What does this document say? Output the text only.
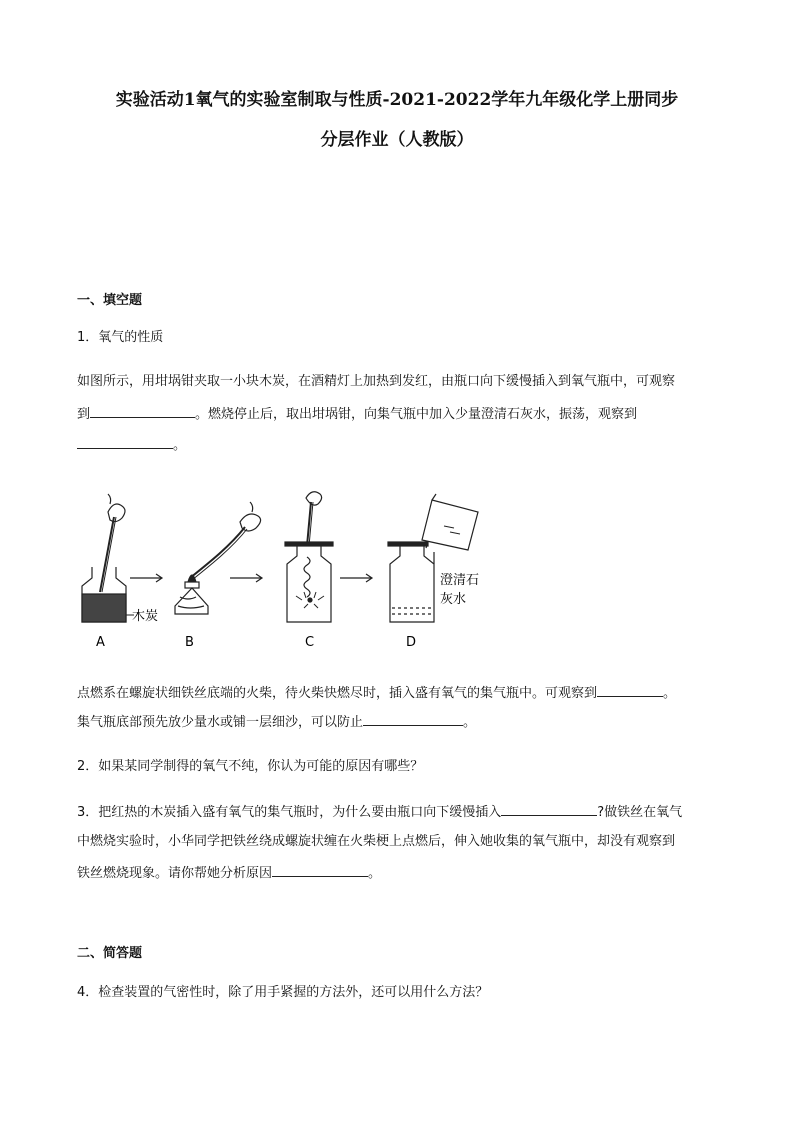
实验活动1氧气的实验室制取与性质-2021-2022学年九年级化学上册同步
分层作业（人教版）
一、填空题
1．氧气的性质
如图所示，用坩埚钳夹取一小块木炭，在酒精灯上加热到发红，由瓶口向下缓慢插入到氧气瓶中，可观察
到	。燃烧停止后，取出坩埚钳，向集气瓶中加入少量澄清石灰水，振荡，观察到
。
A	B	C	D
木炭
澄清石
灰水
点燃系在螺旋状细铁丝底端的火柴，待火柴快燃尽时，插入盛有氧气的集气瓶中。可观察到	。
集气瓶底部预先放少量水或铺一层细沙，可以防止	。
2．如果某同学制得的氧气不纯，你认为可能的原因有哪些？
3．把红热的木炭插入盛有氧气的集气瓶时，为什么要由瓶口向下缓慢插入	?做铁丝在氧气
中燃烧实验时，小华同学把铁丝绕成螺旋状缠在火柴梗上点燃后，伸入她收集的氧气瓶中，却没有观察到
铁丝燃烧现象。请你帮她分析原因	。
二、简答题
4．检查装置的气密性时，除了用手紧握的方法外，还可以用什么方法？
